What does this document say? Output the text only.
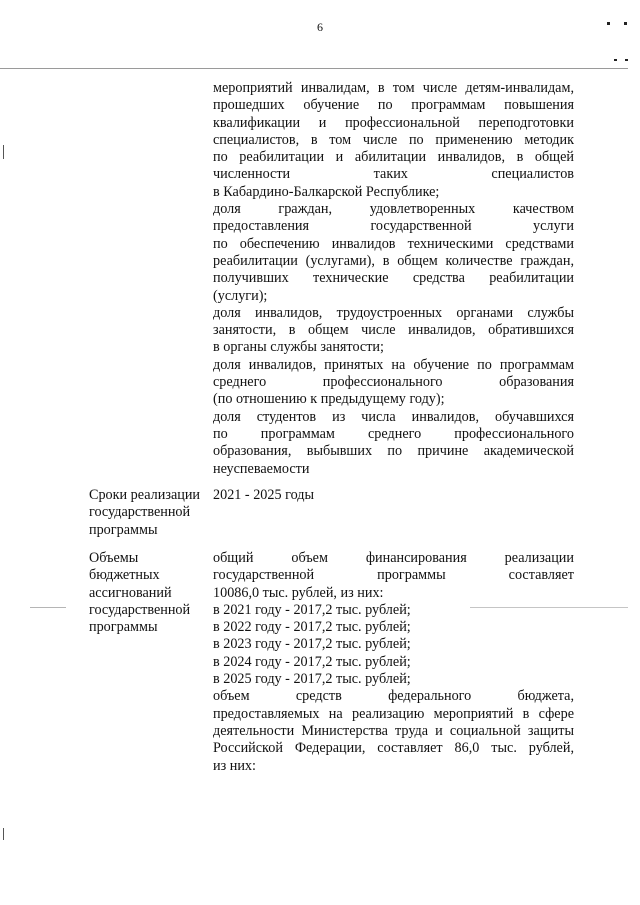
6

мероприятий инвалидам, в том числе детям-инвалидам,
прошедших обучение по программам повышения
квалификации и профессиональной переподготовки
специалистов, в том числе по применению методик
по реабилитации и абилитации инвалидов, в общей
численности таких специалистов
в Кабардино-Балкарской Республике;
доля граждан, удовлетворенных качеством
предоставления государственной услуги
по обеспечению инвалидов техническими средствами
реабилитации (услугами), в общем количестве граждан,
получивших технические средства реабилитации
(услуги);
доля инвалидов, трудоустроенных органами службы
занятости, в общем числе инвалидов, обратившихся
в органы службы занятости;
доля инвалидов, принятых на обучение по программам
среднего профессионального образования
(по отношению к предыдущему году);
доля студентов из числа инвалидов, обучавшихся
по программам среднего профессионального
образования, выбывших по причине академической
неуспеваемости

Сроки реализации
государственной
программы
2021 - 2025 годы
Объемы
бюджетных
ассигнований
государственной
программы

общий объем финансирования реализации
государственной программы составляет
10086,0 тыс. рублей, из них:
в 2021 году - 2017,2 тыс. рублей;
в 2022 году - 2017,2 тыс. рублей;
в 2023 году - 2017,2 тыс. рублей;
в 2024 году - 2017,2 тыс. рублей;
в 2025 году - 2017,2 тыс. рублей;
объем средств федерального бюджета,
предоставляемых на реализацию мероприятий в сфере
деятельности Министерства труда и социальной защиты
Российской Федерации, составляет 86,0 тыс. рублей,
из них:
